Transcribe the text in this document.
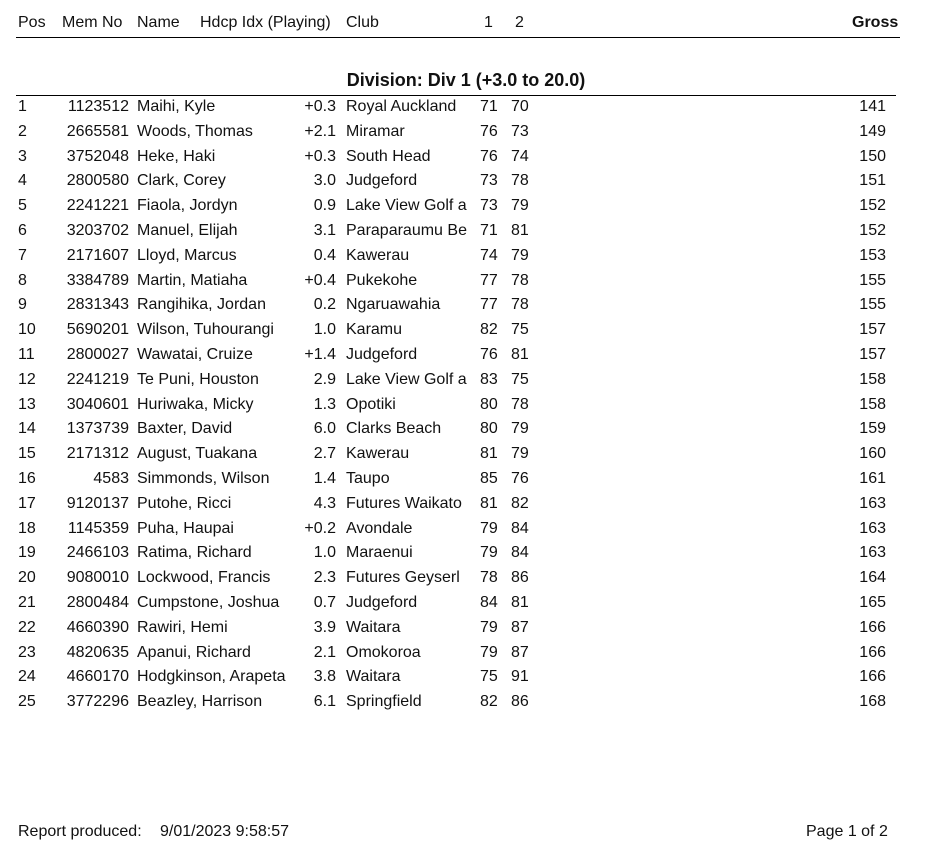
Pos Mem No Name Hdcp Idx (Playing) Club	1 2	Gross
Division: Div 1 (+3.0 to 20.0)
1	1123512 Maihi, Kyle	+0.3 Royal Auckland	71 70	141
2	2665581 Woods, Thomas	+2.1 Miramar	76 73	149
3	3752048 Heke, Haki	+0.3 South Head	76 74	150
4	2800580 Clark, Corey	3.0 Judgeford	73 78	151
5	2241221 Fiaola, Jordyn	0.9 Lake View Golf a 73 79	152
6	3203702 Manuel, Elijah	3.1 Paraparaumu Be 71 81	152
7	2171607 Lloyd, Marcus	0.4 Kawerau	74 79	153
8	3384789 Martin, Matiaha	+0.4 Pukekohe	77 78	155
9	2831343 Rangihika, Jordan	0.2 Ngaruawahia	77 78	155
10	5690201 Wilson, Tuhourangi	1.0 Karamu	82 75	157
11	2800027 Wawatai, Cruize	+1.4 Judgeford	76 81	157
12	2241219 Te Puni, Houston	2.9 Lake View Golf a 83 75	158
13	3040601 Huriwaka, Micky	1.3 Opotiki	80 78	158
14	1373739 Baxter, David	6.0 Clarks Beach	80 79	159
15	2171312 August, Tuakana	2.7 Kawerau	81 79	160
16	4583 Simmonds, Wilson	1.4 Taupo	85 76	161
17	9120137 Putohe, Ricci	4.3 Futures Waikato	81 82	163
18	1145359 Puha, Haupai	+0.2 Avondale	79 84	163
19	2466103 Ratima, Richard	1.0 Maraenui	79 84	163
20	9080010 Lockwood, Francis	2.3 Futures Geyserl	78 86	164
21	2800484 Cumpstone, Joshua	0.7 Judgeford	84 81	165
22	4660390 Rawiri, Hemi	3.9 Waitara	79 87	166
23	4820635 Apanui, Richard	2.1 Omokoroa	79 87	166
24	4660170 Hodgkinson, Arapeta	3.8 Waitara	75 91	166
25	3772296 Beazley, Harrison	6.1 Springfield	82 86	168
Report produced: 9/01/2023 9:58:57	Page 1 of 2
